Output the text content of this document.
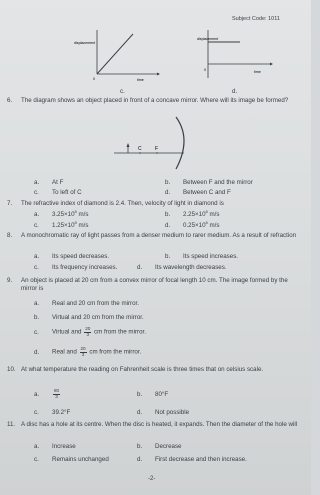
Subject Code: 1011
displacement
time
0
c.
displacement
time
0
d.
6. The diagram shows an object placed in front of a concave mirror. Where will its image be formed?
C	F
a. At F	b. Between F and the mirror
c. To left of C	d. Between C and F
7. The refractive index of diamond is 2.4. Then, velocity of light in diamond is
a. $3.25\times 10^8$ m/s	b. $2.25\times 10^8$ m/s
c. $1.25\times 10^8$ m/s	d. $0.25\times 10^8$ m/s
8. A monochromatic ray of light passes from a denser medium to rarer medium. As a result of refraction
a. Its speed decreases.	b. Its speed increases.
c. Its frequency increases.	d. Its wavelength decreases.
9. An object is placed at 20 cm from a convex mirror of focal length 10 cm. The image formed by the mirror is
a. Real and 20 cm from the mirror.
b. Virtual and 20 cm from the mirror.
c. Virtual and $\frac{20}{3}$ cm from the mirror.
d. Real and $\frac{20}{3}$ cm from the mirror.
10. At what temperature the reading on Fahrenheit scale is three times that on celsius scale.
a.	$\frac{80}{3}$	b. 80°F
c. 39.2°F	d. Not possible
11. A disc has a hole at its centre. When the disc is heated, it expands. Then the diameter of the hole will
a. Increase	b. Decrease
c. Remains unchanged	d. First decrease and then increase.
-2-
